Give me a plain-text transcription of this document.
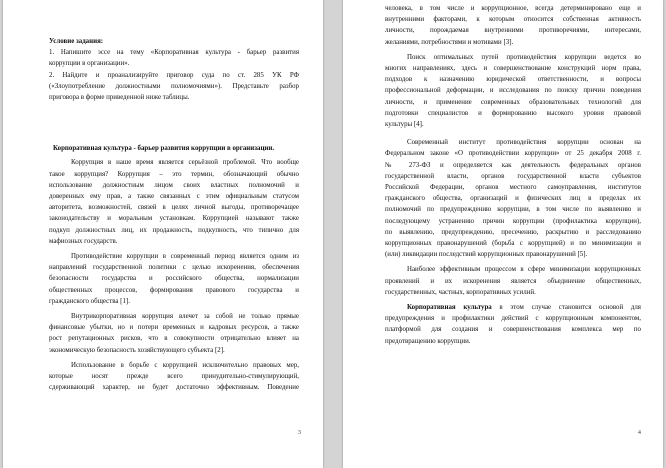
Условие задания:
1. Напишите эссе на тему «Корпоративная культура - барьер развития
коррупции в организации».
2. Найдите и проанализируйте приговор суда по ст. 285 УК РФ
(«Злоупотребление должностными полномочиями»). Представьте разбор
приговора в форме приведенной ниже таблицы.
Корпоративная культура - барьер развития коррупции в организации.
Коррупция в наше время является серьёзной проблемой. Что вообще
такое коррупция? Коррупция – это термин, обозначающий обычно
использование должностным лицом своих властных полномочий и
доверенных ему прав, а также связанных с этим официальным статусом
авторитета, возможностей, связей в целях личной выгоды, противоречащее
законодательству и моральным установкам. Коррупцией называют также
подкуп должностных лиц, их продажность, подкупность, что типично для
мафиозных государств.
Противодействие коррупции в современный период является одним из
направлений государственной политики с целью искоренения, обеспечения
безопасности государства и российского общества, нормализации
общественных процессов, формирования правового государства и
гражданского общества [1].
Внутрикорпоративная коррупция влечет за собой не только прямые
финансовые убытки, но и потери временных и кадровых ресурсов, а также
рост репутационных рисков, что в совокупности отрицательно влияет на
экономическую безопасность хозяйствующего субъекта [2].
Использование в борьбе с коррупцией исключительно правовых мер,
которые носят прежде всего принудительно-стимулирующий,
сдерживающий характер, не будет достаточно эффективным. Поведение
3
человека, в том числе и коррупционное, всегда детерминировано еще и
внутренними факторами, к которым относится собственная активность
личности, порождаемая внутренними противоречиями, интересами,
желаниями, потребностями и мотивами [3].
Поиск оптимальных путей противодействия коррупции ведется во
многих направлениях, здесь и совершенствование конструкций норм права,
подходов к назначению юридической ответственности, и вопросы
профессиональной деформации, и исследования по поиску причин поведения
личности, и применение современных образовательных технологий для
подготовки специалистов и формированию высокого уровня правовой
культуры [4].
Современный институт противодействия коррупции основан на
Федеральном законе «О противодействии коррупции» от 25 декабря 2008 г.
№ 273-ФЗ и определяется как деятельность федеральных органов
государственной власти, органов государственной власти субъектов
Российской Федерации, органов местного самоуправления, институтов
гражданского общества, организаций и физических лиц в пределах их
полномочий по предупреждению коррупции, в том числе по выявлению и
последующему устранению причин коррупции (профилактика коррупции),
по выявлению, предупреждению, пресечению, раскрытию и расследованию
коррупционных правонарушений (борьба с коррупцией) и по минимизации и
(или) ликвидации последствий коррупционных правонарушений [5].
Наиболее эффективным процессом в сфере минимизации коррупционных
проявлений и их искоренения является объединение общественных,
государственных, частных, корпоративных усилий.
Корпоративная культура в этом случае становится основой для
предупреждения и профилактики действий с коррупционным компонентом,
платформой для создания и совершенствования комплекса мер по
предотвращению коррупции.
4
